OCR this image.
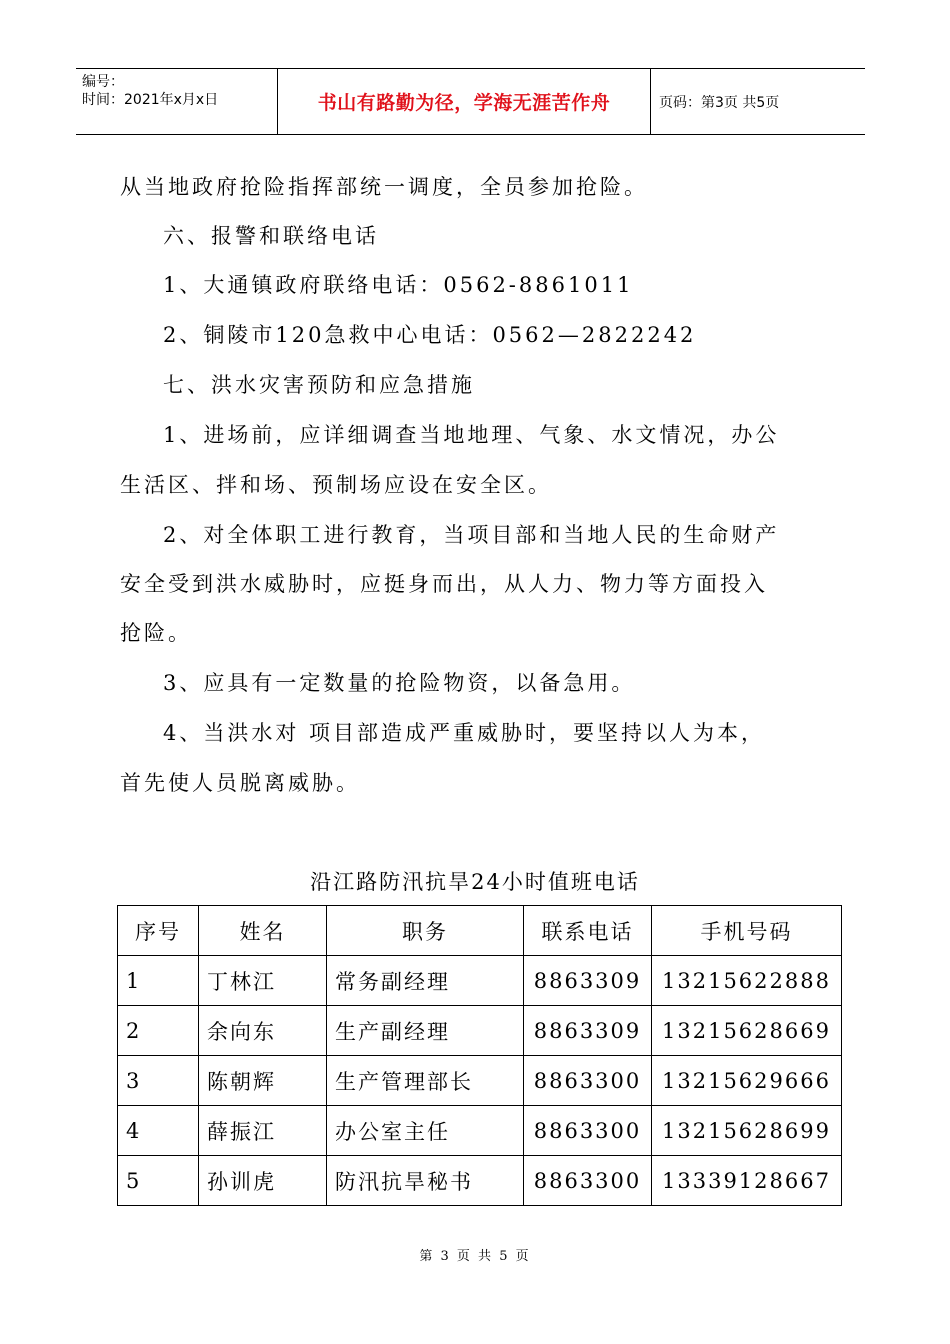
编号：
时间：2021年x月x日	书山有路勤为径，学海无涯苦作舟	页码：第3页 共5页
从当地政府抢险指挥部统一调度，全员参加抢险。
六、报警和联络电话
1、大通镇政府联络电话：0562-8861011
2、铜陵市120急救中心电话：0562—2822242
七、洪水灾害预防和应急措施
1、进场前，应详细调查当地地理、气象、水文情况，办公
生活区、拌和场、预制场应设在安全区。
2、对全体职工进行教育，当项目部和当地人民的生命财产
安全受到洪水威胁时，应挺身而出，从人力、物力等方面投入
抢险。
3、应具有一定数量的抢险物资，以备急用。
4、当洪水对 项目部造成严重威胁时，要坚持以人为本，
首先使人员脱离威胁。
沿江路防汛抗旱24小时值班电话
序号	姓名	职务	联系电话	手机号码
1	丁林江	常务副经理	8863309	13215622888
2	余向东	生产副经理	8863309	13215628669
3	陈朝辉	生产管理部长	8863300	13215629666
4	薛振江	办公室主任	8863300	13215628699
5	孙训虎	防汛抗旱秘书	8863300	13339128667
第 3 页 共 5 页
